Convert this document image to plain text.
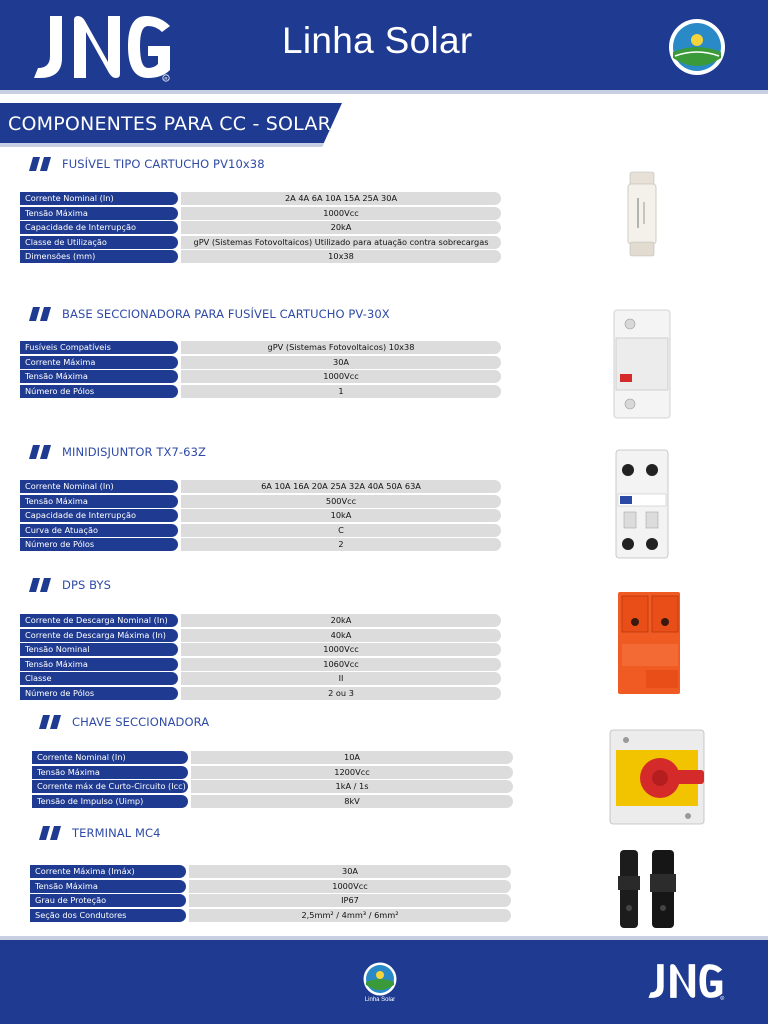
R
Linha Solar
COMPONENTES PARA CC - SOLAR
FUSÍVEL TIPO CARTUCHO PV10x38
Corrente Nominal (In)	2A 4A 6A 10A 15A 25A 30A
Tensão Máxima	1000Vcc
Capacidade de Interrupção	20kA
Classe de Utilização	gPV (Sistemas Fotovoltaicos) Utilizado para atuação contra sobrecargas
Dimensões (mm)	10x38
BASE SECCIONADORA PARA FUSÍVEL CARTUCHO PV-30X
Fusíveis Compatíveis	gPV (Sistemas Fotovoltaicos) 10x38
Corrente Máxima	30A
Tensão Máxima	1000Vcc
Número de Pólos	1
MINIDISJUNTOR TX7-63Z
Corrente Nominal (In)	6A 10A 16A 20A 25A 32A 40A 50A 63A
Tensão Máxima	500Vcc
Capacidade de Interrupção	10kA
Curva de Atuação	C
Número de Pólos	2
DPS BYS
Corrente de Descarga Nominal (In)	20kA
Corrente de Descarga Máxima (In)	40kA
Tensão Nominal	1000Vcc
Tensão Máxima	1060Vcc
Classe	II
Número de Pólos	2 ou 3
CHAVE SECCIONADORA
Corrente Nominal (In)	10A
Tensão Máxima	1200Vcc
Corrente máx de Curto-Circuito (Icc)	1kA / 1s
Tensão de Impulso (Uimp)	8kV
TERMINAL MC4
Corrente Máxima (Imáx)	30A
Tensão Máxima	1000Vcc
Grau de Proteção	IP67
Seção dos Condutores	2,5mm² / 4mm³ / 6mm²
Linha Solar	R
